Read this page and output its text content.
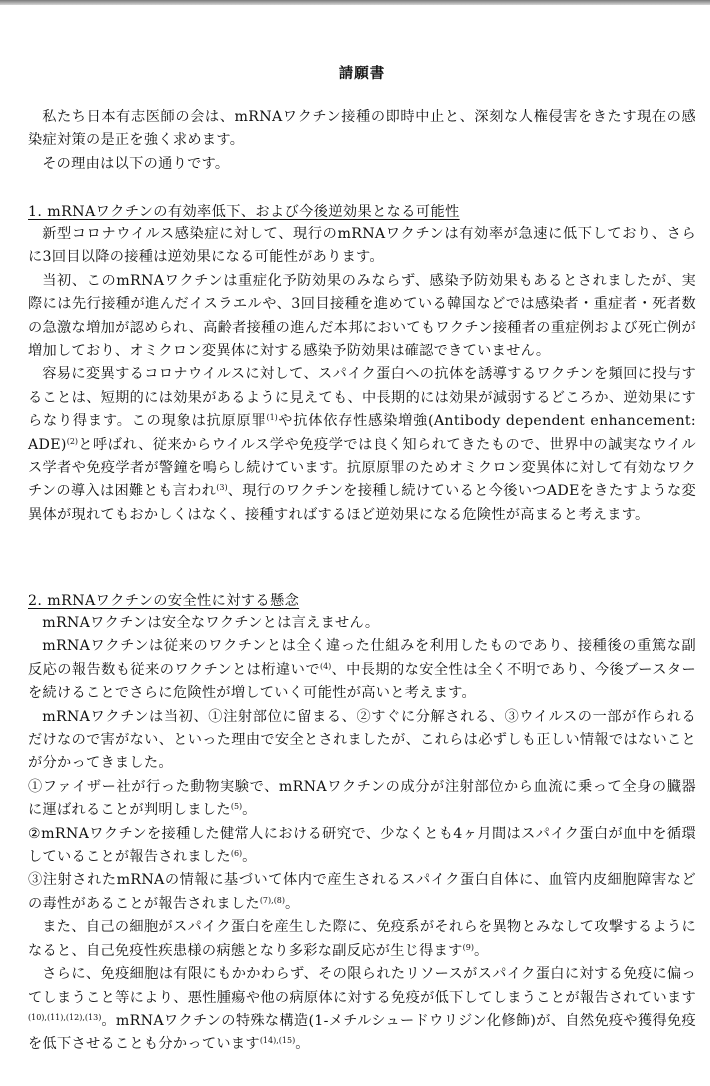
請願書

私たち日本有志医師の会は、mRNAワクチン接種の即時中止と、深刻な人権侵害をきたす現在の感染症対策の是正を強く求めます。

その理由は以下の通りです。

1. mRNAワクチンの有効率低下、および今後逆効果となる可能性

新型コロナウイルス感染症に対して、現行のmRNAワクチンは有効率が急速に低下しており、さらに3回目以降の接種は逆効果になる可能性があります。

当初、このmRNAワクチンは重症化予防効果のみならず、感染予防効果もあるとされましたが、実際には先行接種が進んだイスラエルや、3回目接種を進めている韓国などでは感染者・重症者・死者数の急激な増加が認められ、高齢者接種の進んだ本邦においてもワクチン接種者の重症例および死亡例が増加しており、オミクロン変異体に対する感染予防効果は確認できていません。

容易に変異するコロナウイルスに対して、スパイク蛋白への抗体を誘導するワクチンを頻回に投与することは、短期的には効果があるように見えても、中長期的には効果が減弱するどころか、逆効果にすらなり得ます。この現象は抗原原罪$^{(1)}$や抗体依存性感染増強(Antibody dependent enhancement: ADE)$^{(2)}$と呼ばれ、従来からウイルス学や免疫学では良く知られてきたもので、世界中の誠実なウイルス学者や免疫学者が警鐘を鳴らし続けています。抗原原罪のためオミクロン変異体に対して有効なワクチンの導入は困難とも言われ$^{(3)}$、現行のワクチンを接種し続けていると今後いつADEをきたすような変異体が現れてもおかしくはなく、接種すればするほど逆効果になる危険性が高まると考えます。

2. mRNAワクチンの安全性に対する懸念

mRNAワクチンは安全なワクチンとは言えません。

mRNAワクチンは従来のワクチンとは全く違った仕組みを利用したものであり、接種後の重篤な副反応の報告数も従来のワクチンとは桁違いで$^{(4)}$、中長期的な安全性は全く不明であり、今後ブースターを続けることでさらに危険性が増していく可能性が高いと考えます。

mRNAワクチンは当初、①注射部位に留まる、②すぐに分解される、③ウイルスの一部が作られるだけなので害がない、といった理由で安全とされましたが、これらは必ずしも正しい情報ではないことが分かってきました。

①ファイザー社が行った動物実験で、mRNAワクチンの成分が注射部位から血流に乗って全身の臓器に運ばれることが判明しました$^{(5)}$。

②mRNAワクチンを接種した健常人における研究で、少なくとも4ヶ月間はスパイク蛋白が血中を循環していることが報告されました$^{(6)}$。

③注射されたmRNAの情報に基づいて体内で産生されるスパイク蛋白自体に、血管内皮細胞障害などの毒性があることが報告されました$^{(7),(8)}$。

また、自己の細胞がスパイク蛋白を産生した際に、免疫系がそれらを異物とみなして攻撃するようになると、自己免疫性疾患様の病態となり多彩な副反応が生じ得ます$^{(9)}$。

さらに、免疫細胞は有限にもかかわらず、その限られたリソースがスパイク蛋白に対する免疫に偏ってしまうこと等により、悪性腫瘍や他の病原体に対する免疫が低下してしまうことが報告されています$^{(10),(11),(12),(13)}$。mRNAワクチンの特殊な構造(1-メチルシュードウリジン化修飾)が、自然免疫や獲得免疫を低下させることも分かっています$^{(14),(15)}$。
